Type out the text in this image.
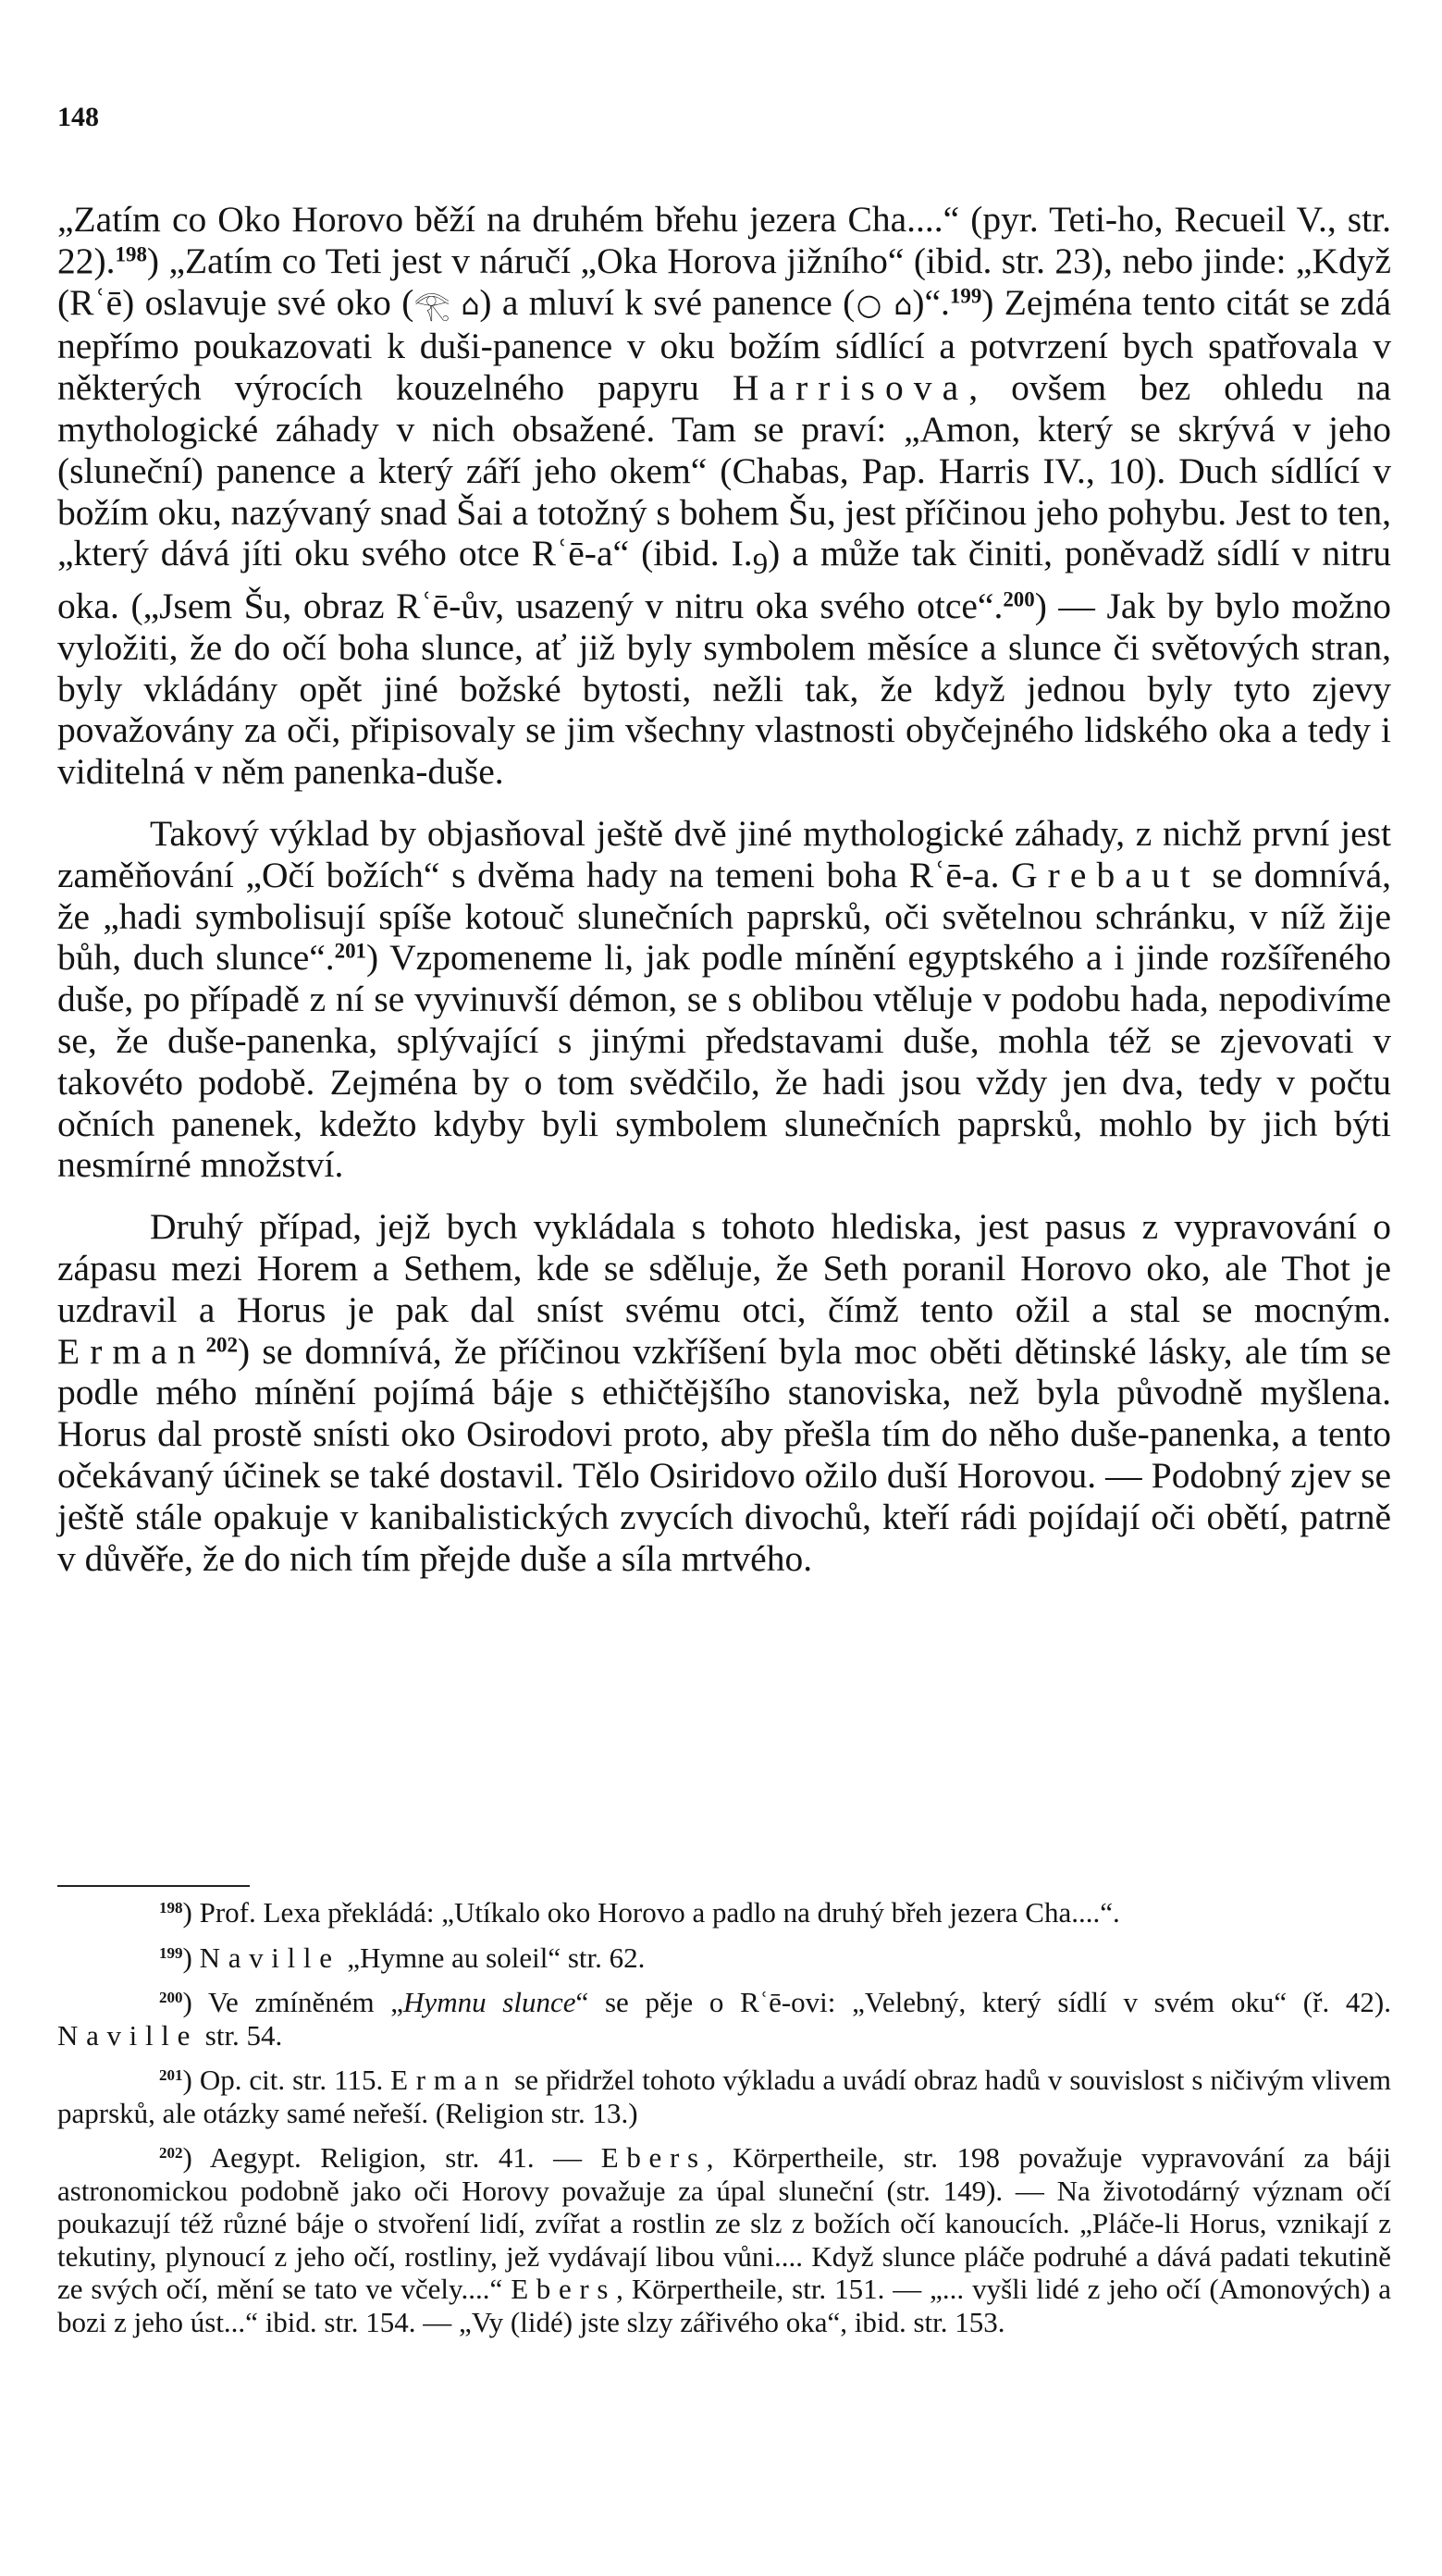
148

„Zatím co Oko Horovo běží na druhém břehu jezera Cha....“ (pyr. Teti-ho, Recueil V., str. 22).$^{198}$) „Zatím co Teti jest v náručí „Oka Horova jižního“ (ibid. str. 23), nebo jinde: „Když (Rʿē) oslavuje své oko (𓂀 ⌂) a mluví k své panence (○ ⌂)“.$^{199}$) Zejména tento citát se zdá nepřímo poukazovati k duši-panence v oku božím sídlící a potvrzení bych spatřovala v některých výrocích kouzelného papyru Harrisova, ovšem bez ohledu na mythologické záhady v nich obsažené. Tam se praví: „Amon, který se skrývá v jeho (sluneční) panence a který září jeho okem“ (Chabas, Pap. Harris IV., 10). Duch sídlící v božím oku, nazývaný snad Šai a totožný s bohem Šu, jest příčinou jeho pohybu. Jest to ten, „který dává jíti oku svého otce Rʿē-a“ (ibid. $I._9$) a může tak činiti, poněvadž sídlí v nitru oka. („Jsem Šu, obraz Rʿē-ův, usazený v nitru oka svého otce“.$^{200}$) — Jak by bylo možno vyložiti, že do očí boha slunce, ať již byly symbolem měsíce a slunce či světových stran, byly vkládány opět jiné božské bytosti, nežli tak, že když jednou byly tyto zjevy považovány za oči, připisovaly se jim všechny vlastnosti obyčejného lidského oka a tedy i viditelná v něm panenka-duše.

Takový výklad by objasňoval ještě dvě jiné mythologické záhady, z nichž první jest zaměňování „Očí božích“ s dvěma hady na temeni boha Rʿē-a. Grebaut se domnívá, že „hadi symbolisují spíše kotouč slunečních paprsků, oči světelnou schránku, v níž žije bůh, duch slunce“.$^{201}$) Vzpomeneme li, jak podle mínění egyptského a i jinde rozšířeného duše, po případě z ní se vyvinuvší démon, se s oblibou vtěluje v podobu hada, nepodivíme se, že duše-panenka, splývající s jinými představami duše, mohla též se zjevovati v takovéto podobě. Zejména by o tom svědčilo, že hadi jsou vždy jen dva, tedy v počtu očních panenek, kdežto kdyby byli symbolem slunečních paprsků, mohlo by jich býti nesmírné množství.

Druhý případ, jejž bych vykládala s tohoto hlediska, jest pasus z vypravování o zápasu mezi Horem a Sethem, kde se sděluje, že Seth poranil Horovo oko, ale Thot je uzdravil a Horus je pak dal sníst svému otci, čímž tento ožil a stal se mocným. Erman$^{202}$) se domnívá, že příčinou vzkříšení byla moc oběti dětinské lásky, ale tím se podle mého mínění pojímá báje s ethičtějšího stanoviska, než byla původně myšlena. Horus dal prostě snísti oko Osirodovi proto, aby přešla tím do něho duše-panenka, a tento očekávaný účinek se také dostavil. Tělo Osiridovo ožilo duší Horovou. — Podobný zjev se ještě stále opakuje v kanibalistických zvycích divochů, kteří rádi pojídají oči obětí, patrně v důvěře, že do nich tím přejde duše a síla mrtvého.

$^{198}$) Prof. Lexa překládá: „Utíkalo oko Horovo a padlo na druhý břeh jezera Cha....“.

$^{199}$) Naville „Hymne au soleil“ str. 62.

$^{200}$) Ve zmíněném „Hymnu slunce“ se pěje o Rʿē-ovi: „Velebný, který sídlí v svém oku“ (ř. 42). Naville str. 54.

$^{201}$) Op. cit. str. 115. Erman se přidržel tohoto výkladu a uvádí obraz hadů v souvislost s ničivým vlivem paprsků, ale otázky samé neřeší. (Religion str. 13.)

$^{202}$) Aegypt. Religion, str. 41. — Ebers, Körpertheile, str. 198 považuje vypravování za báji astronomickou podobně jako oči Horovy považuje za úpal sluneční (str. 149). — Na životodárný význam očí poukazují též různé báje o stvoření lidí, zvířat a rostlin ze slz z božích očí kanoucích. „Pláče-li Horus, vznikají z tekutiny, plynoucí z jeho očí, rostliny, jež vydávají libou vůni.... Když slunce pláče podruhé a dává padati tekutině ze svých očí, mění se tato ve včely....“ Ebers, Körpertheile, str. 151. — „... vyšli lidé z jeho očí (Amonových) a bozi z jeho úst...“ ibid. str. 154. — „Vy (lidé) jste slzy zářivého oka“, ibid. str. 153.
